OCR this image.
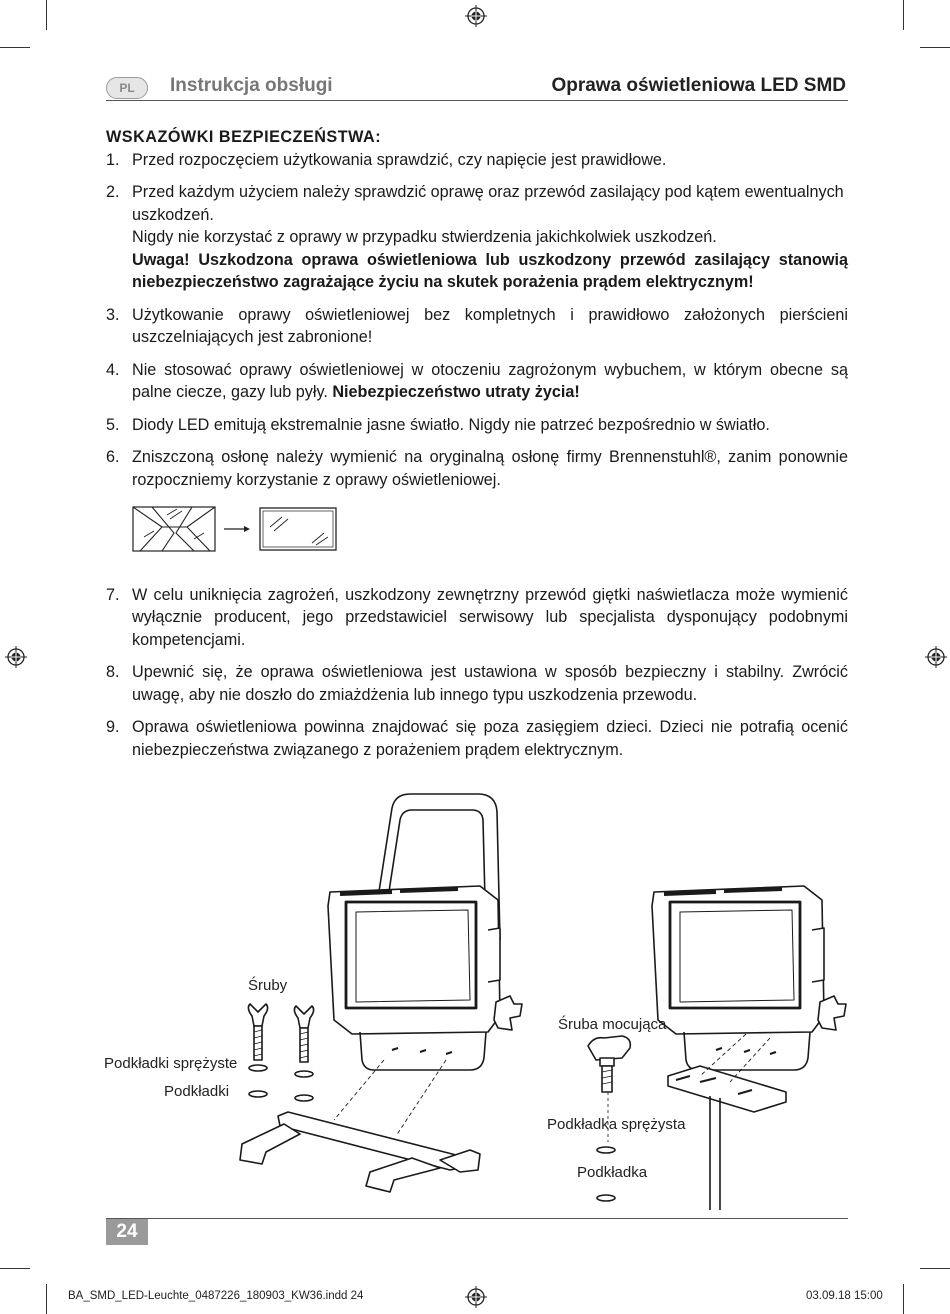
PL	Instrukcja obsługi	Oprawa oświetleniowa LED SMD
WSKAZÓWKI BEZPIECZEŃSTWA:
1. Przed rozpoczęciem użytkowania sprawdzić, czy napięcie jest prawidłowe.

2. Przed każdym użyciem należy sprawdzić oprawę oraz przewód zasilający pod kątem ewentualnych uszkodzeń.

Nigdy nie korzystać z oprawy w przypadku stwierdzenia jakichkolwiek uszkodzeń.

Uwaga! Uszkodzona oprawa oświetleniowa lub uszkodzony przewód zasilający stanowią niebezpieczeństwo zagrażające życiu na skutek porażenia prądem elektrycznym!

3. Użytkowanie oprawy oświetleniowej bez kompletnych i prawidłowo założonych pierścieni uszczelniających jest zabronione!

4. Nie stosować oprawy oświetleniowej w otoczeniu zagrożonym wybuchem, w którym obecne są palne ciecze, gazy lub pyły. Niebezpieczeństwo utraty życia!

5. Diody LED emitują ekstremalnie jasne światło. Nigdy nie patrzeć bezpośrednio w światło.

6. Zniszczoną osłonę należy wymienić na oryginalną osłonę firmy Brennenstuhl®, zanim ponownie rozpoczniemy korzystanie z oprawy oświetleniowej.

7. W celu uniknięcia zagrożeń, uszkodzony zewnętrzny przewód giętki naświetlacza może wymienić wyłącznie producent, jego przedstawiciel serwisowy lub specjalista dysponujący podobnymi kompetencjami.

8. Upewnić się, że oprawa oświetleniowa jest ustawiona w sposób bezpieczny i stabilny. Zwrócić uwagę, aby nie doszło do zmiażdżenia lub innego typu uszkodzenia przewodu.

9. Oprawa oświetleniowa powinna znajdować się poza zasięgiem dzieci. Dzieci nie potrafią ocenić niebezpieczeństwa związanego z porażeniem prądem elektrycznym.

Śruby
Podkładki sprężyste
Podkładki
Śruba mocująca
Podkładka sprężysta
Podkładka
24
BA_SMD_LED-Leuchte_0487226_180903_KW36.indd 24	03.09.18 15:00
